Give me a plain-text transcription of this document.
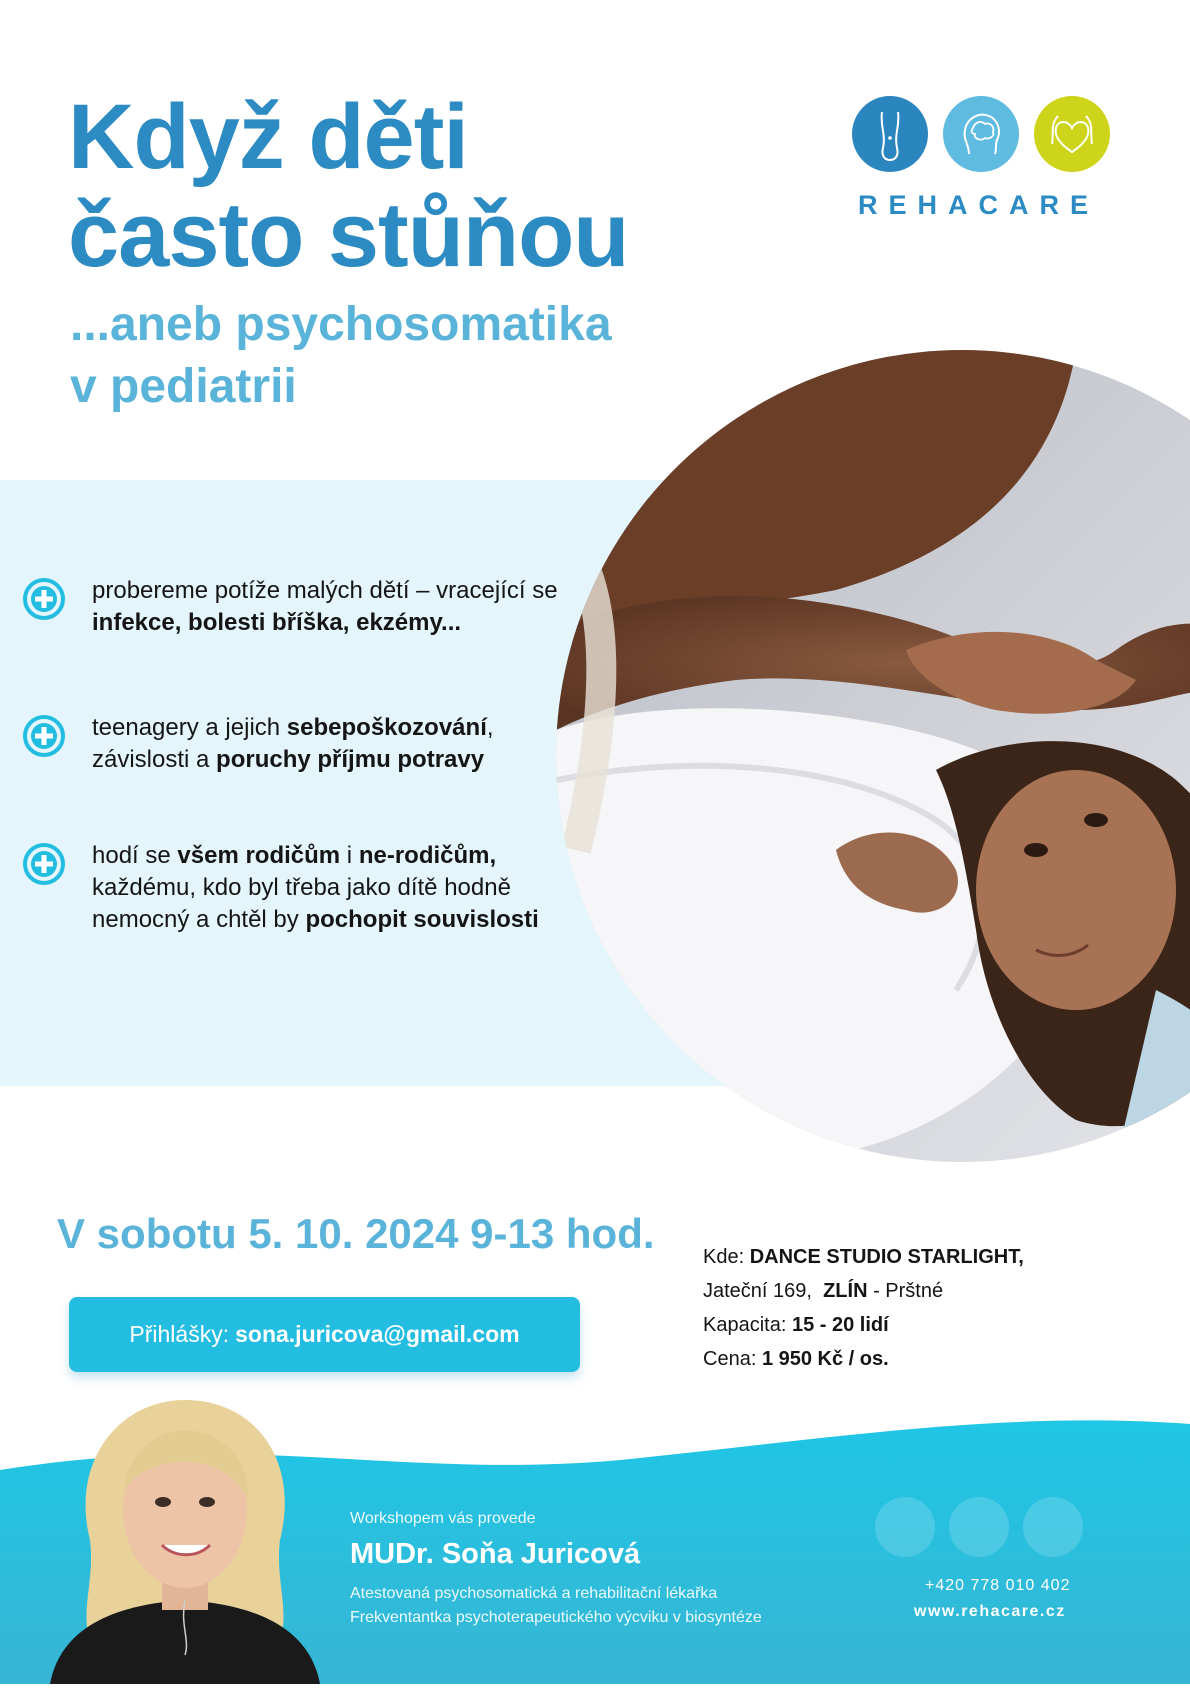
Když děti
často stůňou
...aneb psychosomatika
v pediatrii
REHACARE
probereme potíže malých dětí – vracející se infekce, bolesti bříška, ekzémy...
teenagery a jejich sebepoškozování, závislosti a poruchy příjmu potravy
hodí se všem rodičům i ne-rodičům, každému, kdo byl třeba jako dítě hodně nemocný a chtěl by pochopit souvislosti
V sobotu 5. 10. 2024 9-13 hod.
Přihlášky: sona.juricova@gmail.com
Kde: DANCE STUDIO STARLIGHT,
Jateční 169, ZLÍN - Prštné
Kapacita: 15 - 20 lidí
Cena: 1 950 Kč / os.
Workshopem vás provede
MUDr. Soňa Juricová
Atestovaná psychosomatická a rehabilitační lékařka
Frekventantka psychoterapeutického výcviku v biosyntéze
+420 778 010 402
www.rehacare.cz
